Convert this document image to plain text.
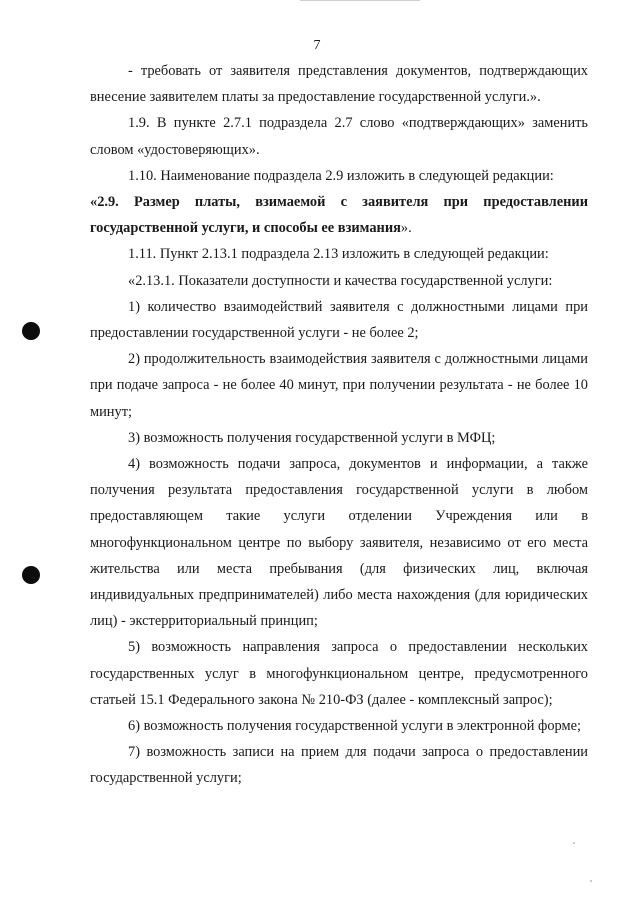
7

- требовать от заявителя представления документов, подтверждающих внесение заявителем платы за предоставление государственной услуги.».

1.9. В пункте 2.7.1 подраздела 2.7 слово «подтверждающих» заменить словом «удостоверяющих».

1.10. Наименование подраздела 2.9 изложить в следующей редакции:

«2.9. Размер платы, взимаемой с заявителя при предоставлении государственной услуги, и способы ее взимания».

1.11. Пункт 2.13.1 подраздела 2.13 изложить в следующей редакции:

«2.13.1. Показатели доступности и качества государственной услуги:

1) количество взаимодействий заявителя с должностными лицами при предоставлении государственной услуги - не более 2;

2) продолжительность взаимодействия заявителя с должностными лицами при подаче запроса - не более 40 минут, при получении результата - не более 10 минут;

3) возможность получения государственной услуги в МФЦ;

4) возможность подачи запроса, документов и информации, а также получения результата предоставления государственной услуги в любом предоставляющем такие услуги отделении Учреждения или в многофункциональном центре по выбору заявителя, независимо от его места жительства или места пребывания (для физических лиц, включая индивидуальных предпринимателей) либо места нахождения (для юридических лиц) - экстерриториальный принцип;

5) возможность направления запроса о предоставлении нескольких государственных услуг в многофункциональном центре, предусмотренного статьей 15.1 Федерального закона № 210-ФЗ (далее - комплексный запрос);

6) возможность получения государственной услуги в электронной форме;

7) возможность записи на прием для подачи запроса о предоставлении государственной услуги;
